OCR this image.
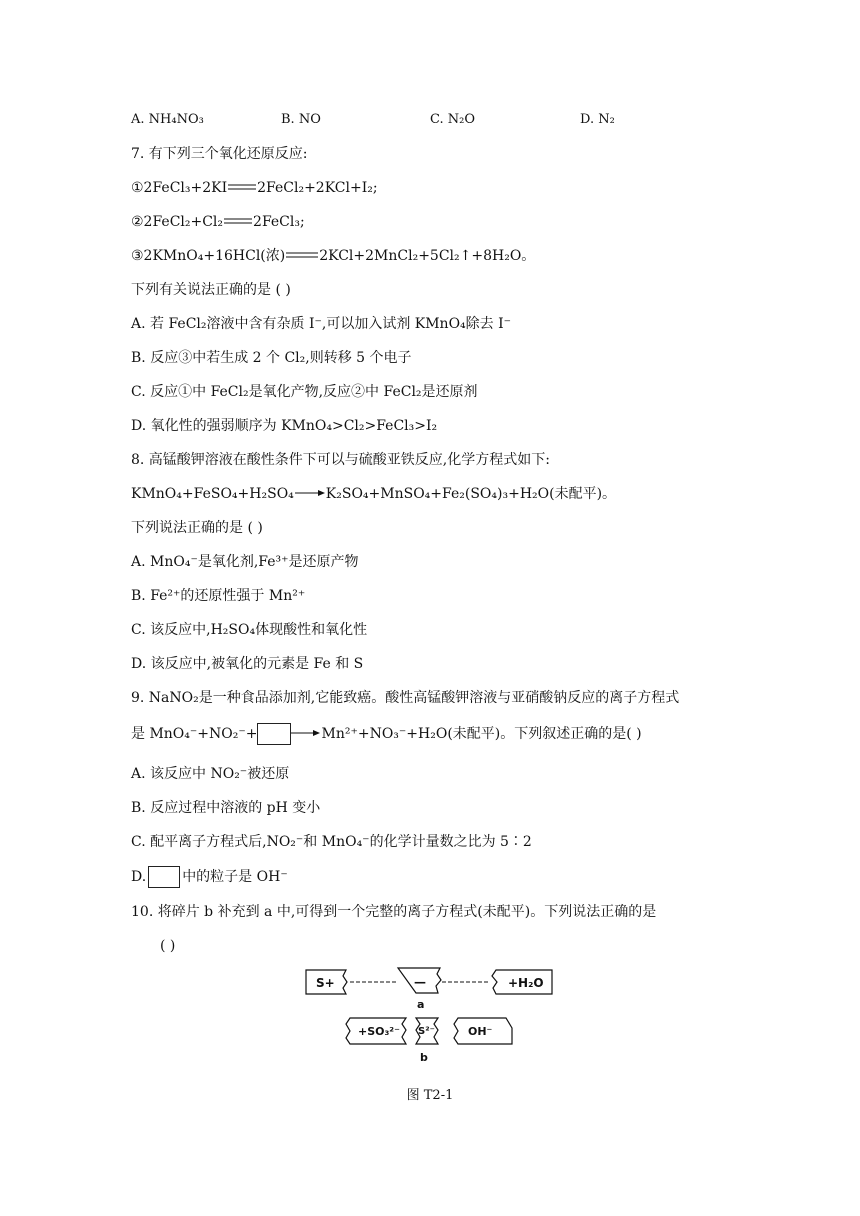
A. NH₄NO₃	B. NO	C. N₂O	D. N₂
7. 有下列三个氧化还原反应:
①2FeCl₃+2KI 2FeCl₂+2KCl+I₂;
②2FeCl₂+Cl₂ 2FeCl₃;
③2KMnO₄+16HCl(浓) 2KCl+2MnCl₂+5Cl₂↑+8H₂O。
下列有关说法正确的是 ( )
A. 若 FeCl₂溶液中含有杂质 I⁻,可以加入试剂 KMnO₄除去 I⁻
B. 反应③中若生成 2 个 Cl₂,则转移 5 个电子
C. 反应①中 FeCl₂是氧化产物,反应②中 FeCl₂是还原剂
D. 氧化性的强弱顺序为 KMnO₄>Cl₂>FeCl₃>I₂
8. 高锰酸钾溶液在酸性条件下可以与硫酸亚铁反应,化学方程式如下:
KMnO₄+FeSO₄+H₂SO₄ K₂SO₄+MnSO₄+Fe₂(SO₄)₃+H₂O(未配平)。
下列说法正确的是 ( )
A. MnO₄⁻是氧化剂,Fe³⁺是还原产物
B. Fe²⁺的还原性强于 Mn²⁺
C. 该反应中,H₂SO₄体现酸性和氧化性
D. 该反应中,被氧化的元素是 Fe 和 S
9. NaNO₂是一种食品添加剂,它能致癌。酸性高锰酸钾溶液与亚硝酸钠反应的离子方程式
是 MnO₄⁻+NO₂⁻+	Mn²⁺+NO₃⁻+H₂O(未配平)。下列叙述正确的是( )
A. 该反应中 NO₂⁻被还原
B. 反应过程中溶液的 pH 变小
C. 配平离子方程式后,NO₂⁻和 MnO₄⁻的化学计量数之比为 5∶2
D.	中的粒子是 OH⁻
10. 将碎片 b 补充到 a 中,可得到一个完整的离子方程式(未配平)。下列说法正确的是
( )
S+	—
a
+H₂O
+SO₃²⁻ S²⁻
b
OH⁻
图 T2-1
